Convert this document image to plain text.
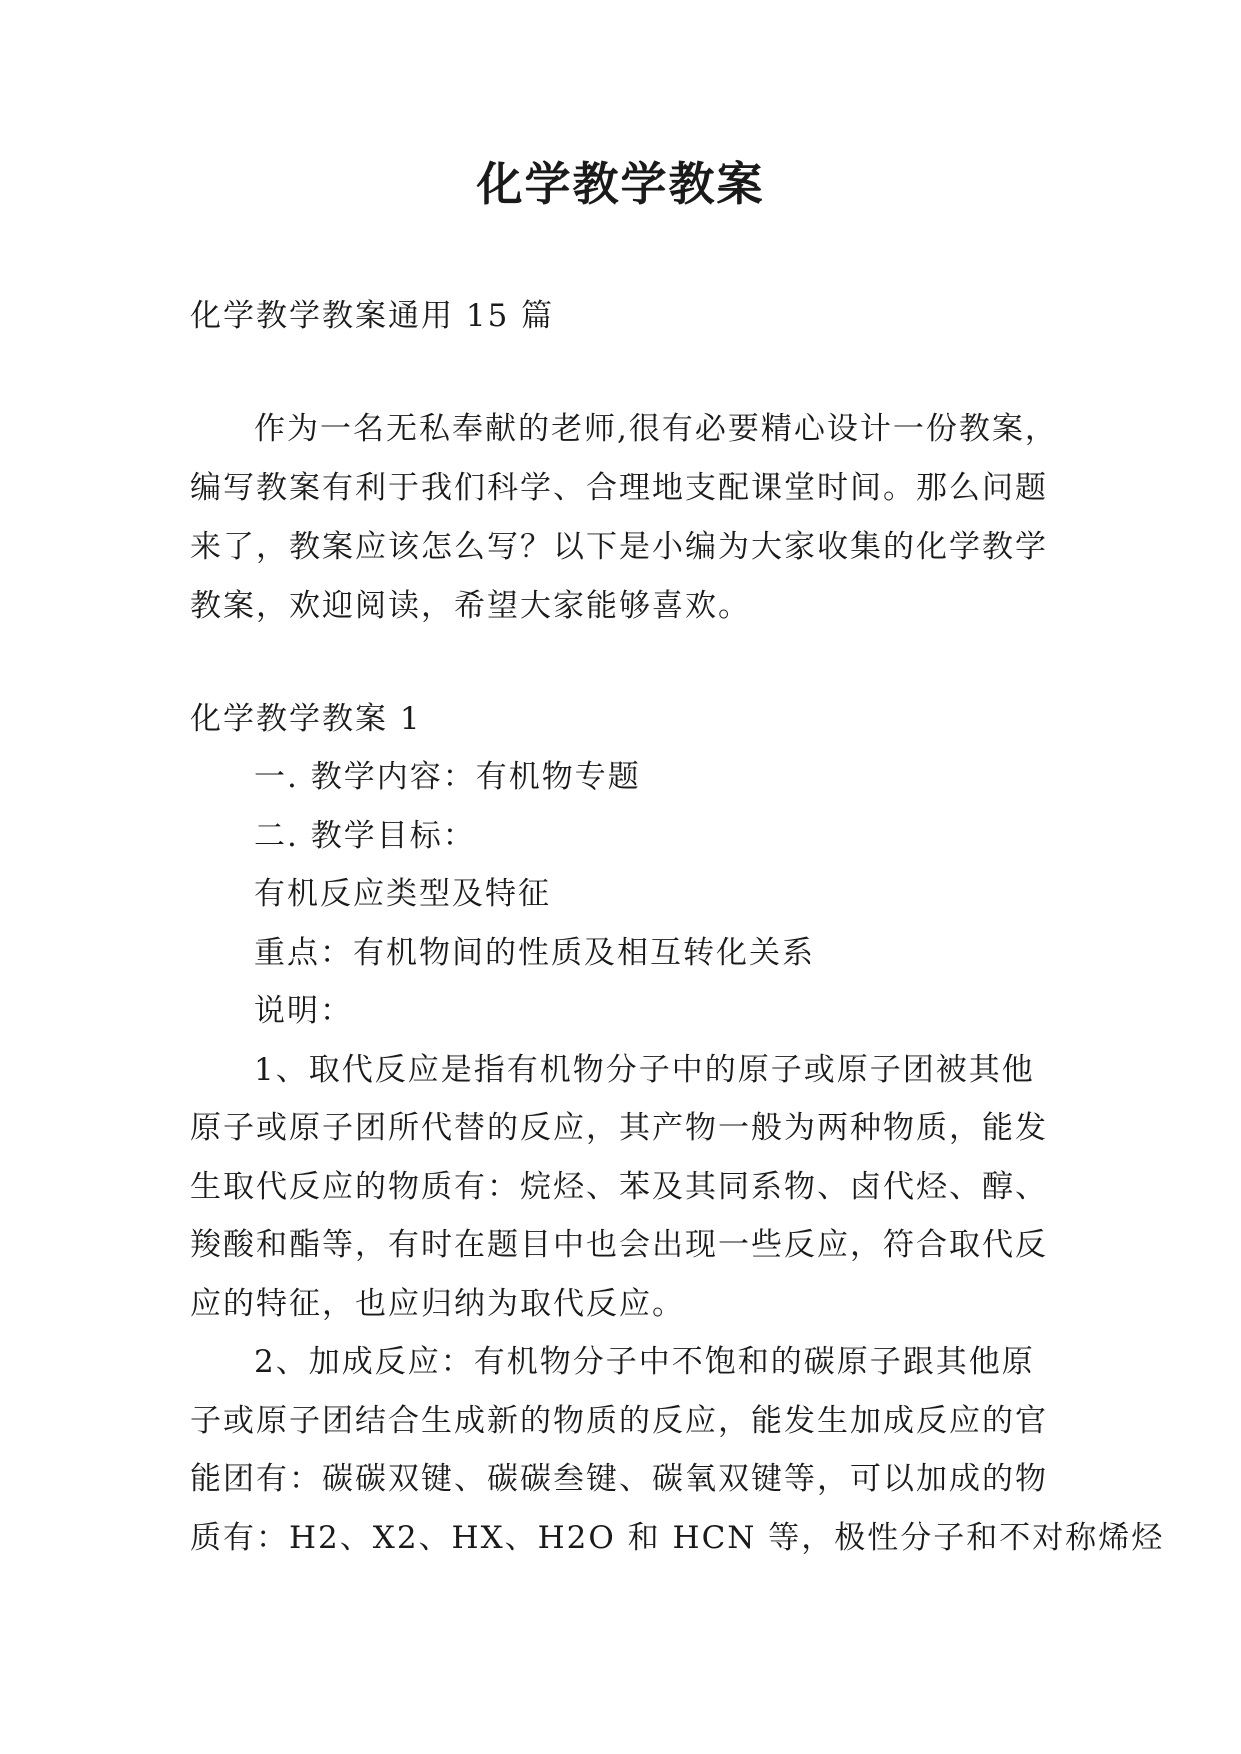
化学教学教案

化学教学教案通用 15 篇

作为一名无私奉献的老师,很有必要精心设计一份教案，

编写教案有利于我们科学、合理地支配课堂时间。那么问题

来了，教案应该怎么写？以下是小编为大家收集的化学教学

教案，欢迎阅读，希望大家能够喜欢。

化学教学教案 1

一. 教学内容：有机物专题

二. 教学目标：

有机反应类型及特征

重点：有机物间的性质及相互转化关系

说明：

1、取代反应是指有机物分子中的原子或原子团被其他

原子或原子团所代替的反应，其产物一般为两种物质，能发

生取代反应的物质有：烷烃、苯及其同系物、卤代烃、醇、

羧酸和酯等，有时在题目中也会出现一些反应，符合取代反

应的特征，也应归纳为取代反应。

2、加成反应：有机物分子中不饱和的碳原子跟其他原

子或原子团结合生成新的物质的反应，能发生加成反应的官

能团有：碳碳双键、碳碳叁键、碳氧双键等，可以加成的物

质有：H2、X2、HX、H2O 和 HCN 等，极性分子和不对称烯烃
